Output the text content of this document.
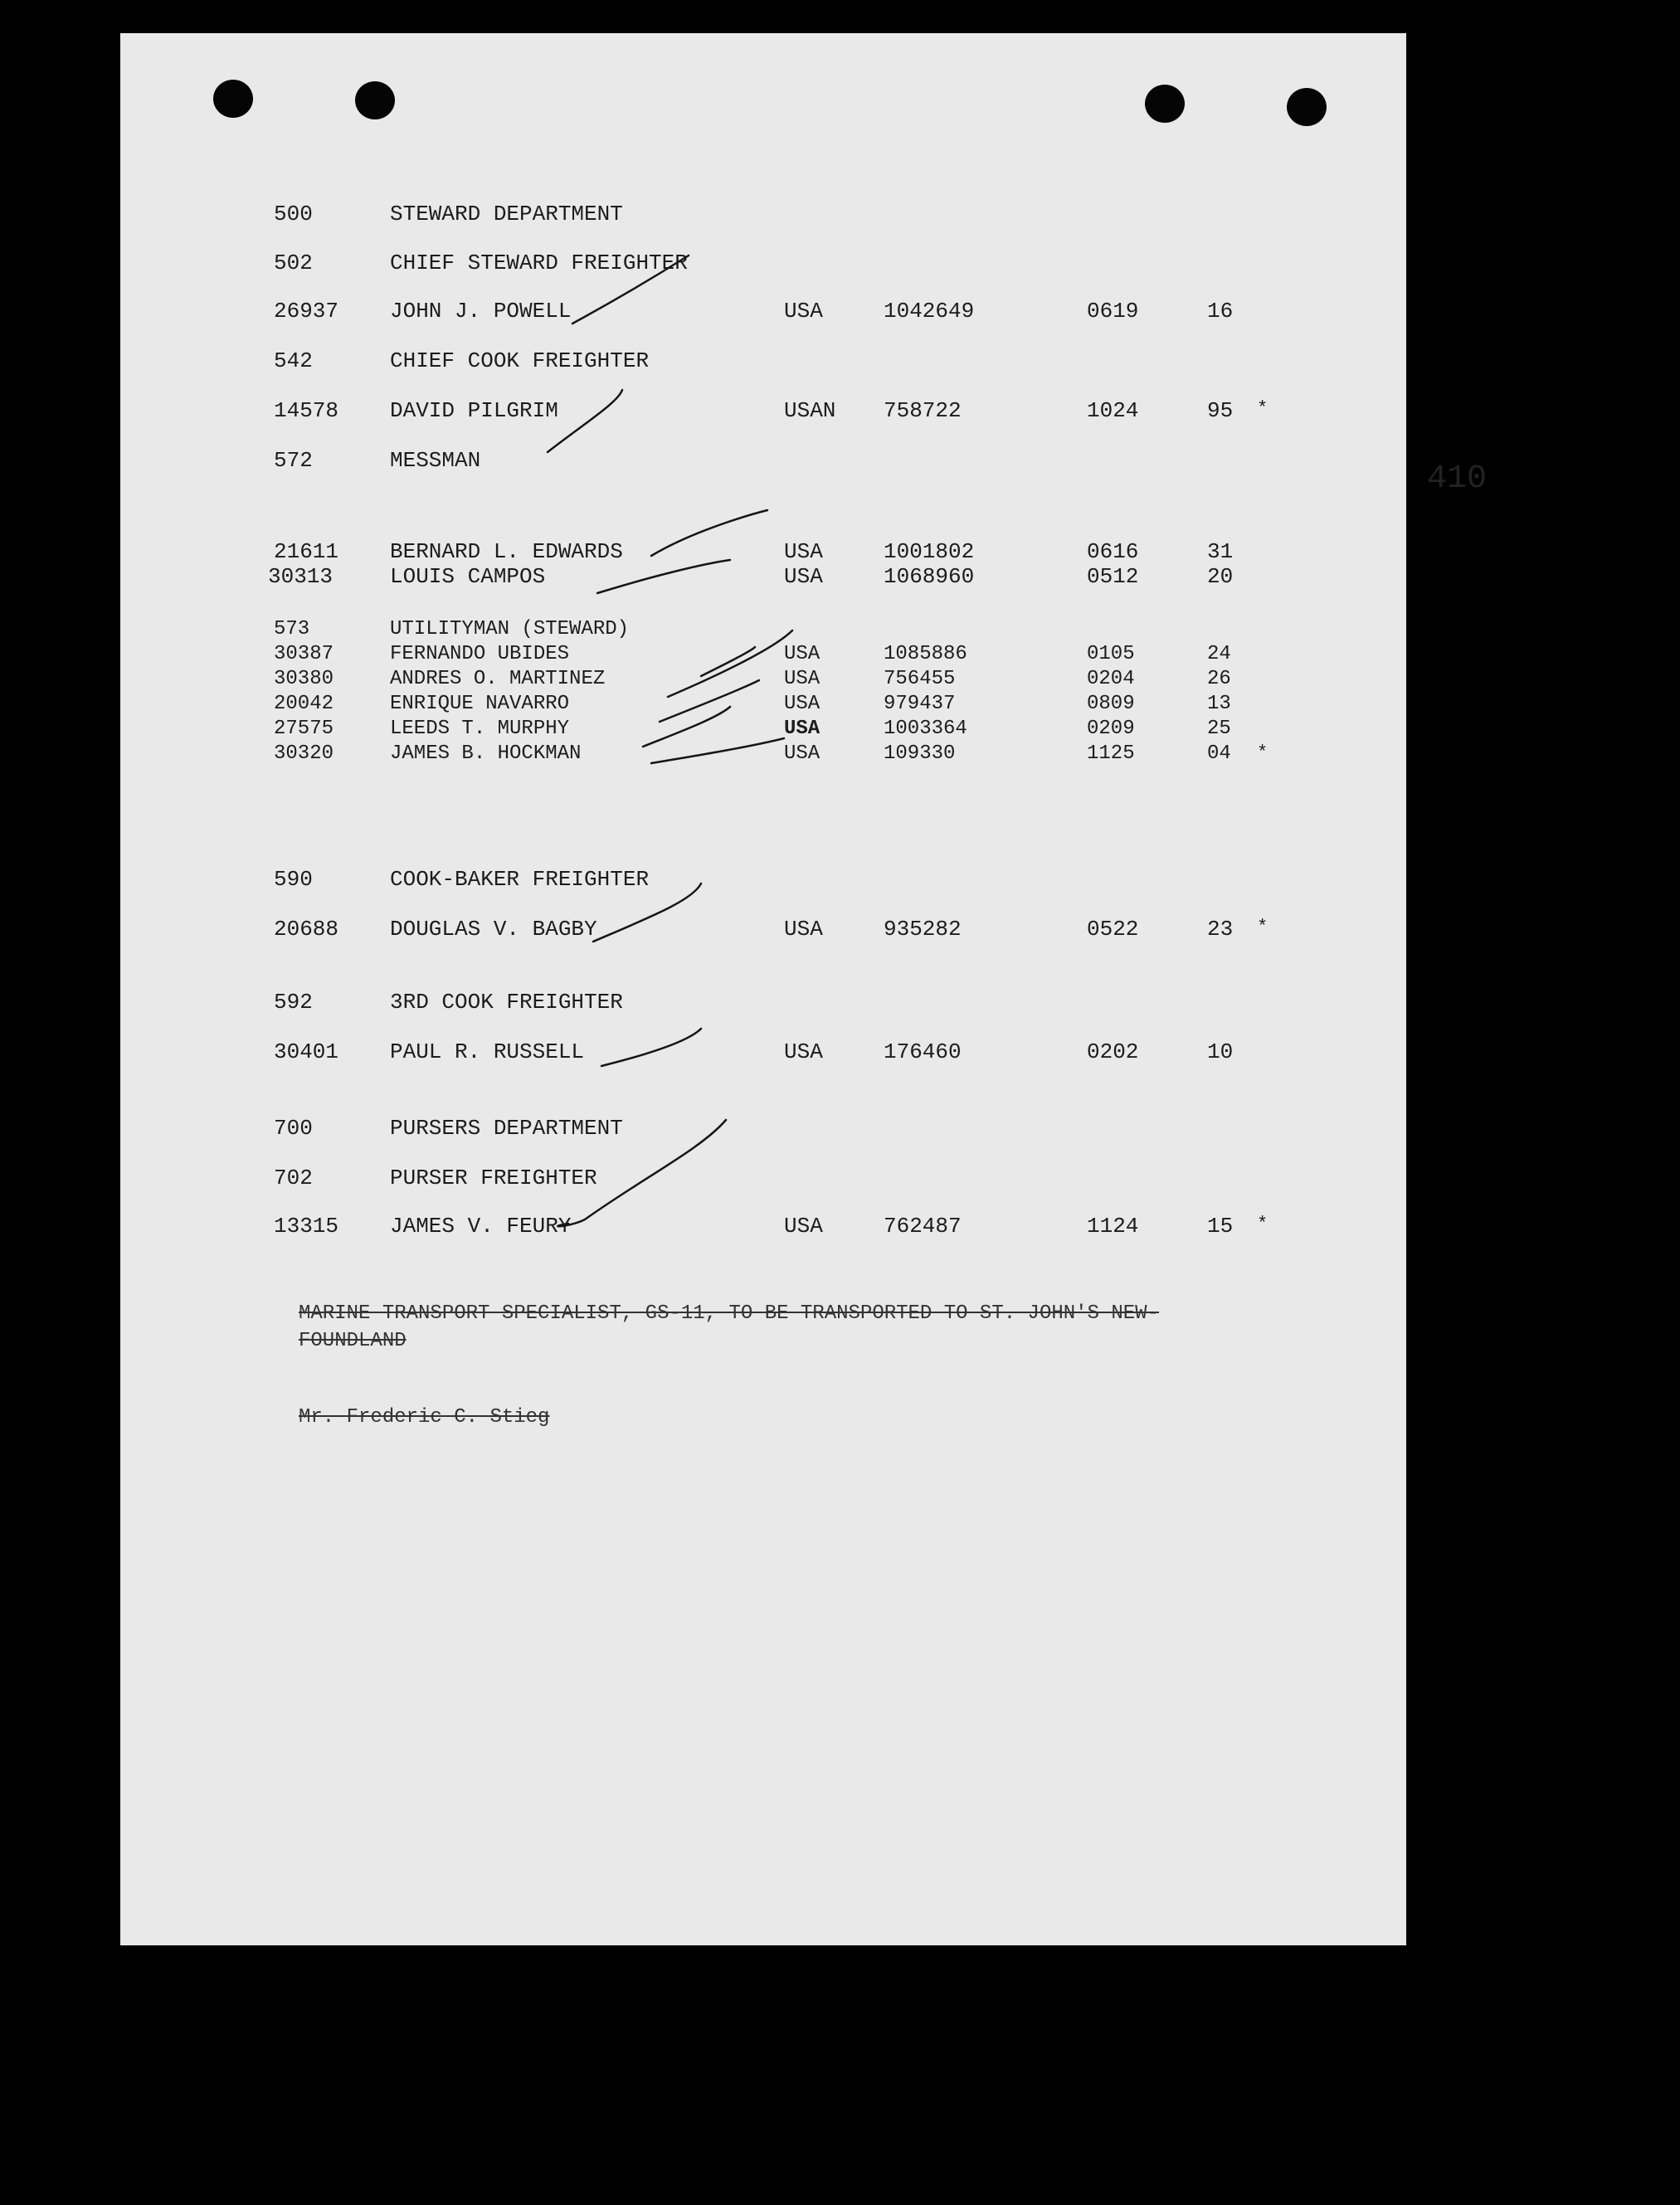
410
500	STEWARD DEPARTMENT
502	CHIEF STEWARD FREIGHTER
26937 JOHN J. POWELL	USA	1042649	0619	16
542	CHIEF COOK FREIGHTER
14578 DAVID PILGRIM	USAN 758722	1024	95 *
572	MESSMAN
21611 BERNARD L. EDWARDS	USA	1001802	0616	31
30313	LOUIS CAMPOS	USA	1068960	0512	20
573	UTILITYMAN (STEWARD)
30387	FERNANDO UBIDES	USA	1085886	0105	24
30380	ANDRES O. MARTINEZ	USA	756455	0204	26
20042	ENRIQUE NAVARRO	USA	979437	0809	13
27575	LEEDS T. MURPHY	USA	1003364	0209	25
30320	JAMES B. HOCKMAN	USA	109330	1125	04 *
590	COOK-BAKER FREIGHTER
20688 DOUGLAS V. BAGBY	USA	935282	0522	23 *
592	3RD COOK FREIGHTER
30401 PAUL R. RUSSELL	USA	176460	0202	10
700	PURSERS DEPARTMENT
702	PURSER FREIGHTER
13315 JAMES V. FEURY	USA	762487	1124	15 *
MARINE TRANSPORT SPECIALIST, GS-11, TO BE TRANSPORTED TO ST. JOHN'S NEW-
FOUNDLAND
Mr. Frederic C. Stieg
